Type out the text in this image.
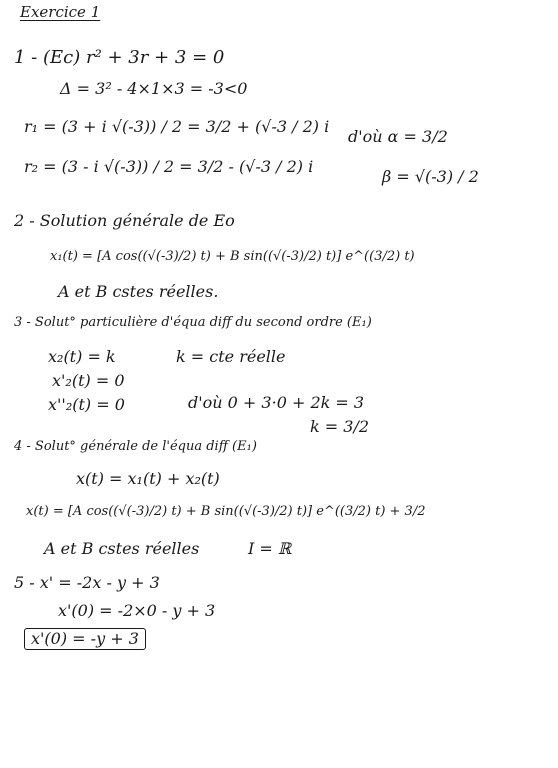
Exercice 1
1 - (Ec) r² + 3r + 3 = 0
Δ = 3² - 4×1×3 = -3<0
r₁ = (3 + i √(-3)) / 2 = 3/2 + (√-3 / 2) i
d'où α = 3/2
r₂ = (3 - i √(-3)) / 2 = 3/2 - (√-3 / 2) i
β = √(-3) / 2
2 - Solution générale de Eo
x₁(t) = [A cos((√(-3)/2) t) + B sin((√(-3)/2) t)] e^((3/2) t)
A et B cstes réelles.
3 - Solut° particulière d'équa diff du second ordre (E₁)
x₂(t) = k	k = cte réelle
x'₂(t) = 0
x''₂(t) = 0	d'où 0 + 3·0 + 2k = 3
k = 3/2
4 - Solut° générale de l'équa diff (E₁)
x(t) = x₁(t) + x₂(t)
x(t) = [A cos((√(-3)/2) t) + B sin((√(-3)/2) t)] e^((3/2) t) + 3/2
A et B cstes réelles	I = ℝ
5 - x' = -2x - y + 3
x'(0) = -2×0 - y + 3
x'(0) = -y + 3
